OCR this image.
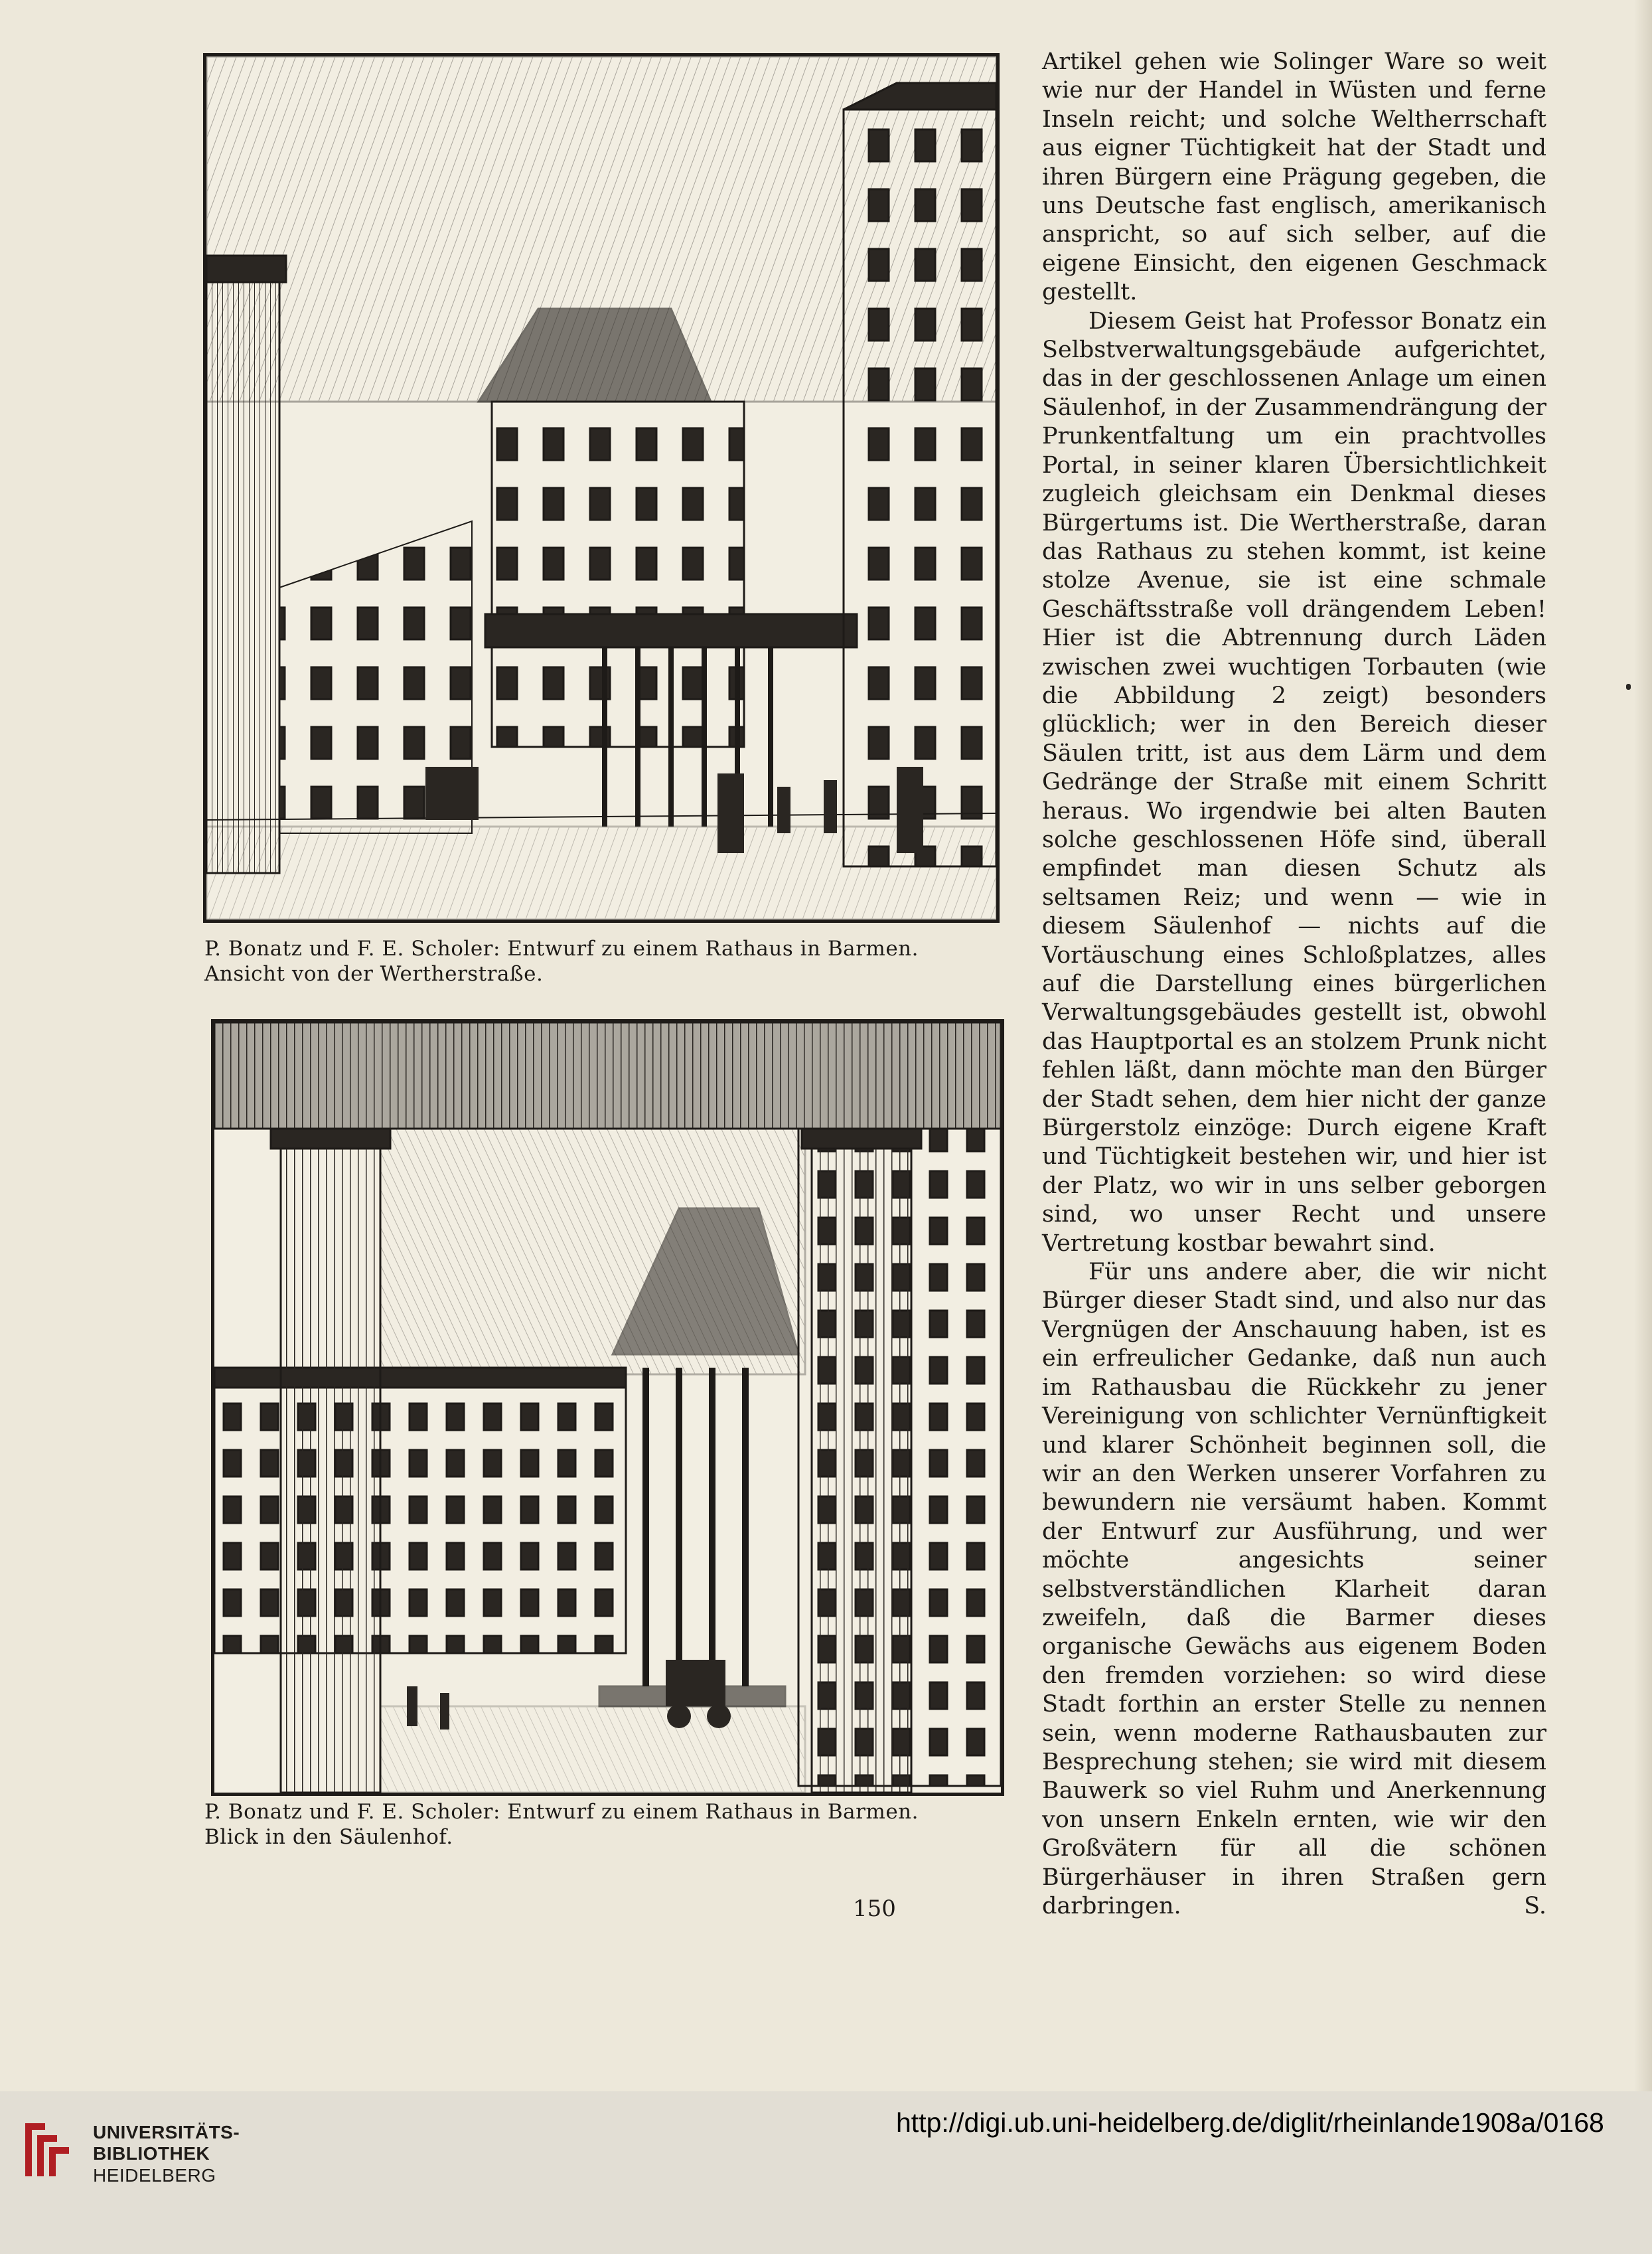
P. Bonatz und F. E. Scholer: Entwurf zu einem Rathaus in Barmen.
Ansicht von der Wertherstraße.
P. Bonatz und F. E. Scholer: Entwurf zu einem Rathaus in Barmen.
Blick in den Säulenhof.

Artikel gehen wie Solinger Ware so weit wie nur der Handel in Wüsten und ferne Inseln reicht; und solche Weltherrschaft aus eigner Tüchtigkeit hat der Stadt und ihren Bürgern eine Prägung gegeben, die uns Deutsche fast englisch, amerikanisch anspricht, so auf sich selber, auf die eigene Einsicht, den eigenen Geschmack gestellt.

Diesem Geist hat Professor Bonatz ein Selbstverwaltungsgebäude aufgerichtet, das in der geschlossenen Anlage um einen Säulenhof, in der Zusammendrängung der Prunkentfaltung um ein prachtvolles Portal, in seiner klaren Übersichtlichkeit zugleich gleichsam ein Denkmal dieses Bürgertums ist. Die Wertherstraße, daran das Rathaus zu stehen kommt, ist keine stolze Avenue, sie ist eine schmale Geschäftsstraße voll drängendem Leben! Hier ist die Abtrennung durch Läden zwischen zwei wuchtigen Torbauten (wie die Abbildung 2 zeigt) besonders glücklich; wer in den Bereich dieser Säulen tritt, ist aus dem Lärm und dem Gedränge der Straße mit einem Schritt heraus. Wo irgendwie bei alten Bauten solche geschlossenen Höfe sind, überall empfindet man diesen Schutz als seltsamen Reiz; und wenn — wie in diesem Säulenhof — nichts auf die Vortäuschung eines Schloßplatzes, alles auf die Darstellung eines bürgerlichen Verwaltungsgebäudes gestellt ist, obwohl das Hauptportal es an stolzem Prunk nicht fehlen läßt, dann möchte man den Bürger der Stadt sehen, dem hier nicht der ganze Bürgerstolz einzöge: Durch eigene Kraft und Tüchtigkeit bestehen wir, und hier ist der Platz, wo wir in uns selber geborgen sind, wo unser Recht und unsere Vertretung kostbar bewahrt sind.

Für uns andere aber, die wir nicht Bürger dieser Stadt sind, und also nur das Vergnügen der Anschauung haben, ist es ein erfreulicher Gedanke, daß nun auch im Rathausbau die Rückkehr zu jener Vereinigung von schlichter Vernünftigkeit und klarer Schönheit beginnen soll, die wir an den Werken unserer Vorfahren zu bewundern nie versäumt haben. Kommt der Entwurf zur Ausführung, und wer möchte angesichts seiner selbstverständlichen Klarheit daran zweifeln, daß die Barmer dieses organische Gewächs aus eigenem Boden den fremden vorziehen: so wird diese Stadt forthin an erster Stelle zu nennen sein, wenn moderne Rathausbauten zur Besprechung stehen; sie wird mit diesem Bauwerk so viel Ruhm und Anerkennung von unsern Enkeln ernten, wie wir den Großvätern für all die schönen Bürgerhäuser in ihren Straßen gern darbringen. S.

150
UNIVERSITÄTS-
BIBLIOTHEK
HEIDELBERG
http://digi.ub.uni-heidelberg.de/diglit/rheinlande1908a/0168
